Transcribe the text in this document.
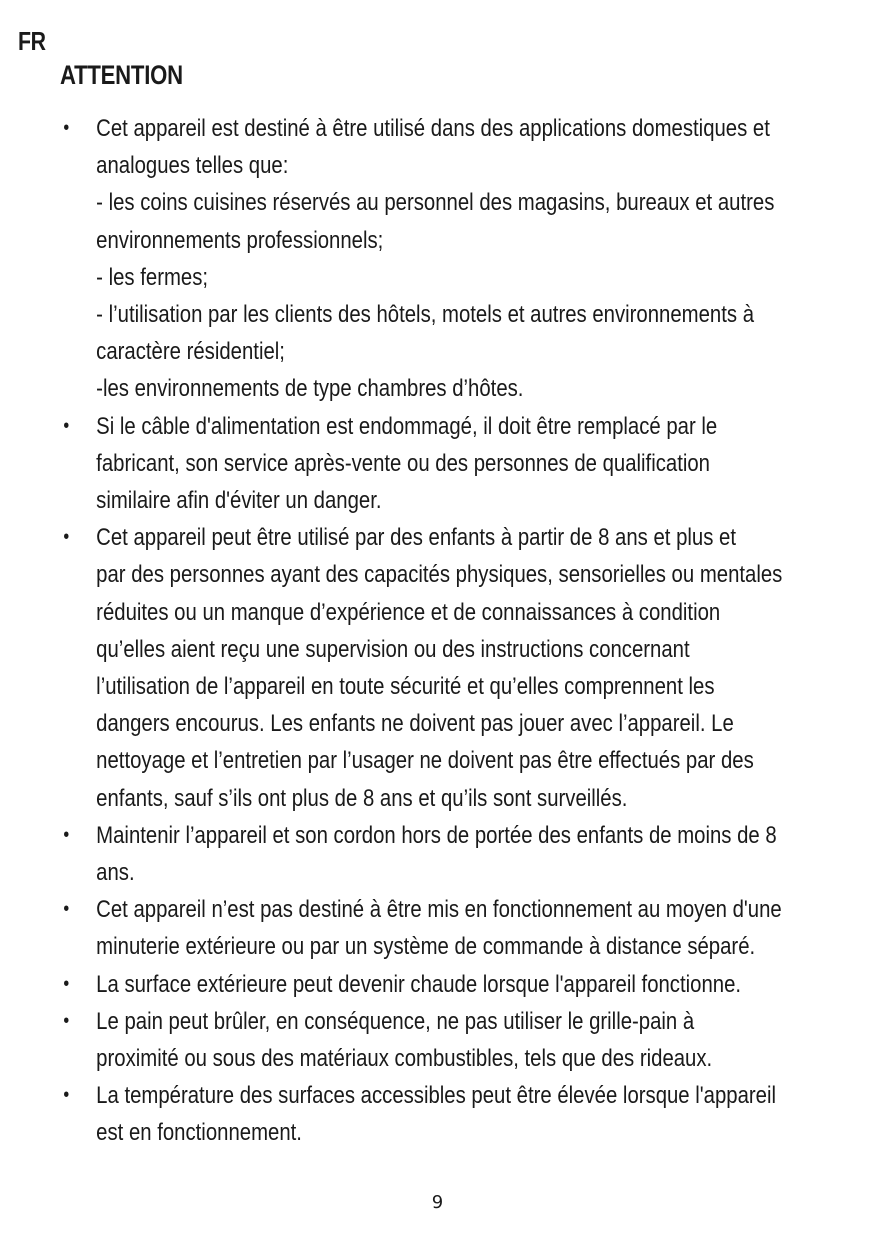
FR
ATTENTION
• Cet appareil est destiné à être utilisé dans des applications domestiques et
analogues telles que:
- les coins cuisines réservés au personnel des magasins, bureaux et autres
environnements professionnels;
- les fermes;
- l’utilisation par les clients des hôtels, motels et autres environnements à
caractère résidentiel;
-les environnements de type chambres d’hôtes.
• Si le câble d'alimentation est endommagé, il doit être remplacé par le
fabricant, son service après-vente ou des personnes de qualification
similaire afin d'éviter un danger.
• Cet appareil peut être utilisé par des enfants à partir de 8 ans et plus et
par des personnes ayant des capacités physiques, sensorielles ou mentales
réduites ou un manque d’expérience et de connaissances à condition
qu’elles aient reçu une supervision ou des instructions concernant
l’utilisation de l’appareil en toute sécurité et qu’elles comprennent les
dangers encourus. Les enfants ne doivent pas jouer avec l’appareil. Le
nettoyage et l’entretien par l’usager ne doivent pas être effectués par des
enfants, sauf s’ils ont plus de 8 ans et qu’ils sont surveillés.
• Maintenir l’appareil et son cordon hors de portée des enfants de moins de 8
ans.
• Cet appareil n’est pas destiné à être mis en fonctionnement au moyen d'une
minuterie extérieure ou par un système de commande à distance séparé.
• La surface extérieure peut devenir chaude lorsque l'appareil fonctionne.
• Le pain peut brûler, en conséquence, ne pas utiliser le grille-pain à
proximité ou sous des matériaux combustibles, tels que des rideaux.
• La température des surfaces accessibles peut être élevée lorsque l'appareil
est en fonctionnement.
9
